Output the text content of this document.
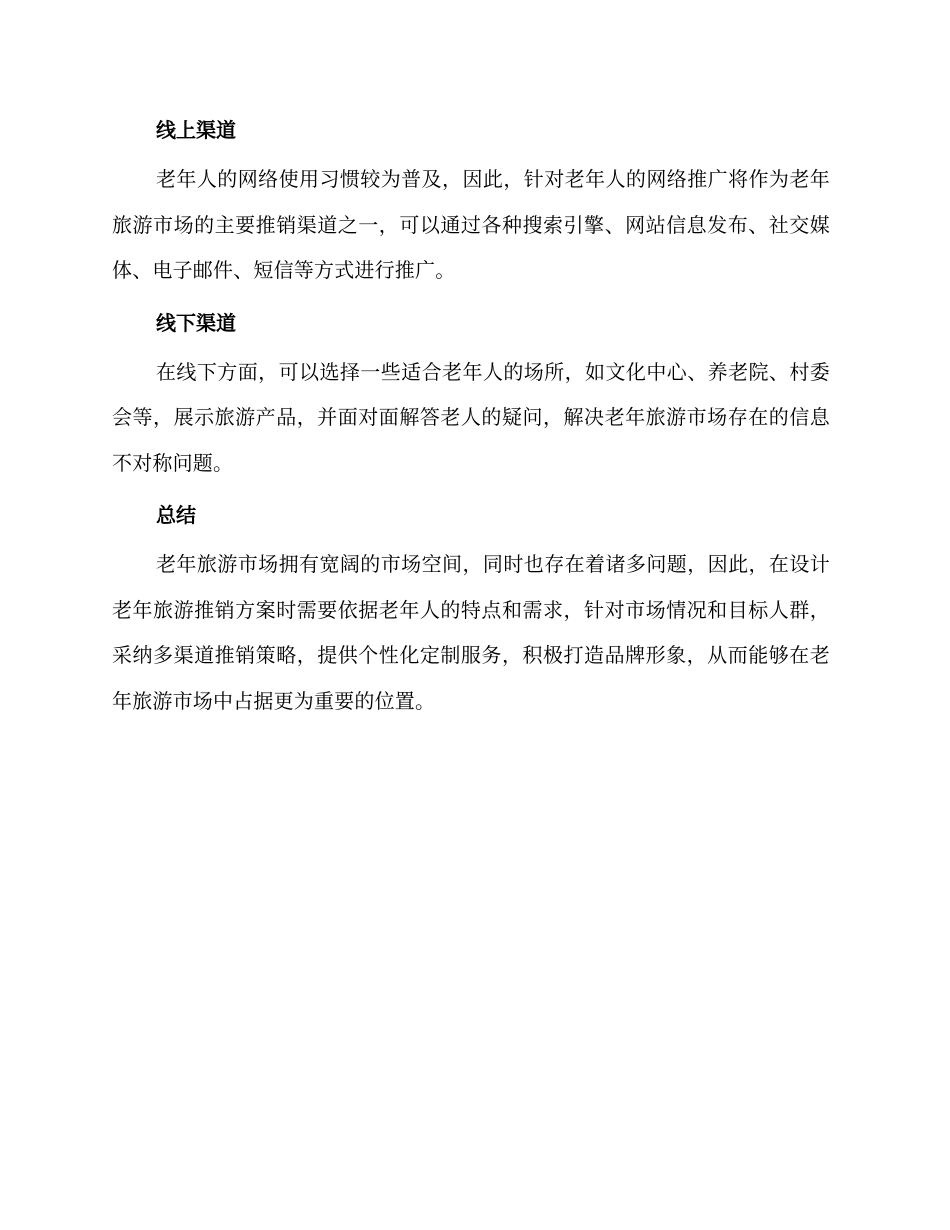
线上渠道

老年人的网络使用习惯较为普及，因此，针对老年人的网络推广将作为老年旅游市场的主要推销渠道之一，可以通过各种搜索引擎、网站信息发布、社交媒体、电子邮件、短信等方式进行推广。

线下渠道

在线下方面，可以选择一些适合老年人的场所，如文化中心、养老院、村委会等，展示旅游产品，并面对面解答老人的疑问，解决老年旅游市场存在的信息不对称问题。

总结

老年旅游市场拥有宽阔的市场空间，同时也存在着诸多问题，因此，在设计老年旅游推销方案时需要依据老年人的特点和需求，针对市场情况和目标人群，采纳多渠道推销策略，提供个性化定制服务，积极打造品牌形象，从而能够在老年旅游市场中占据更为重要的位置。
